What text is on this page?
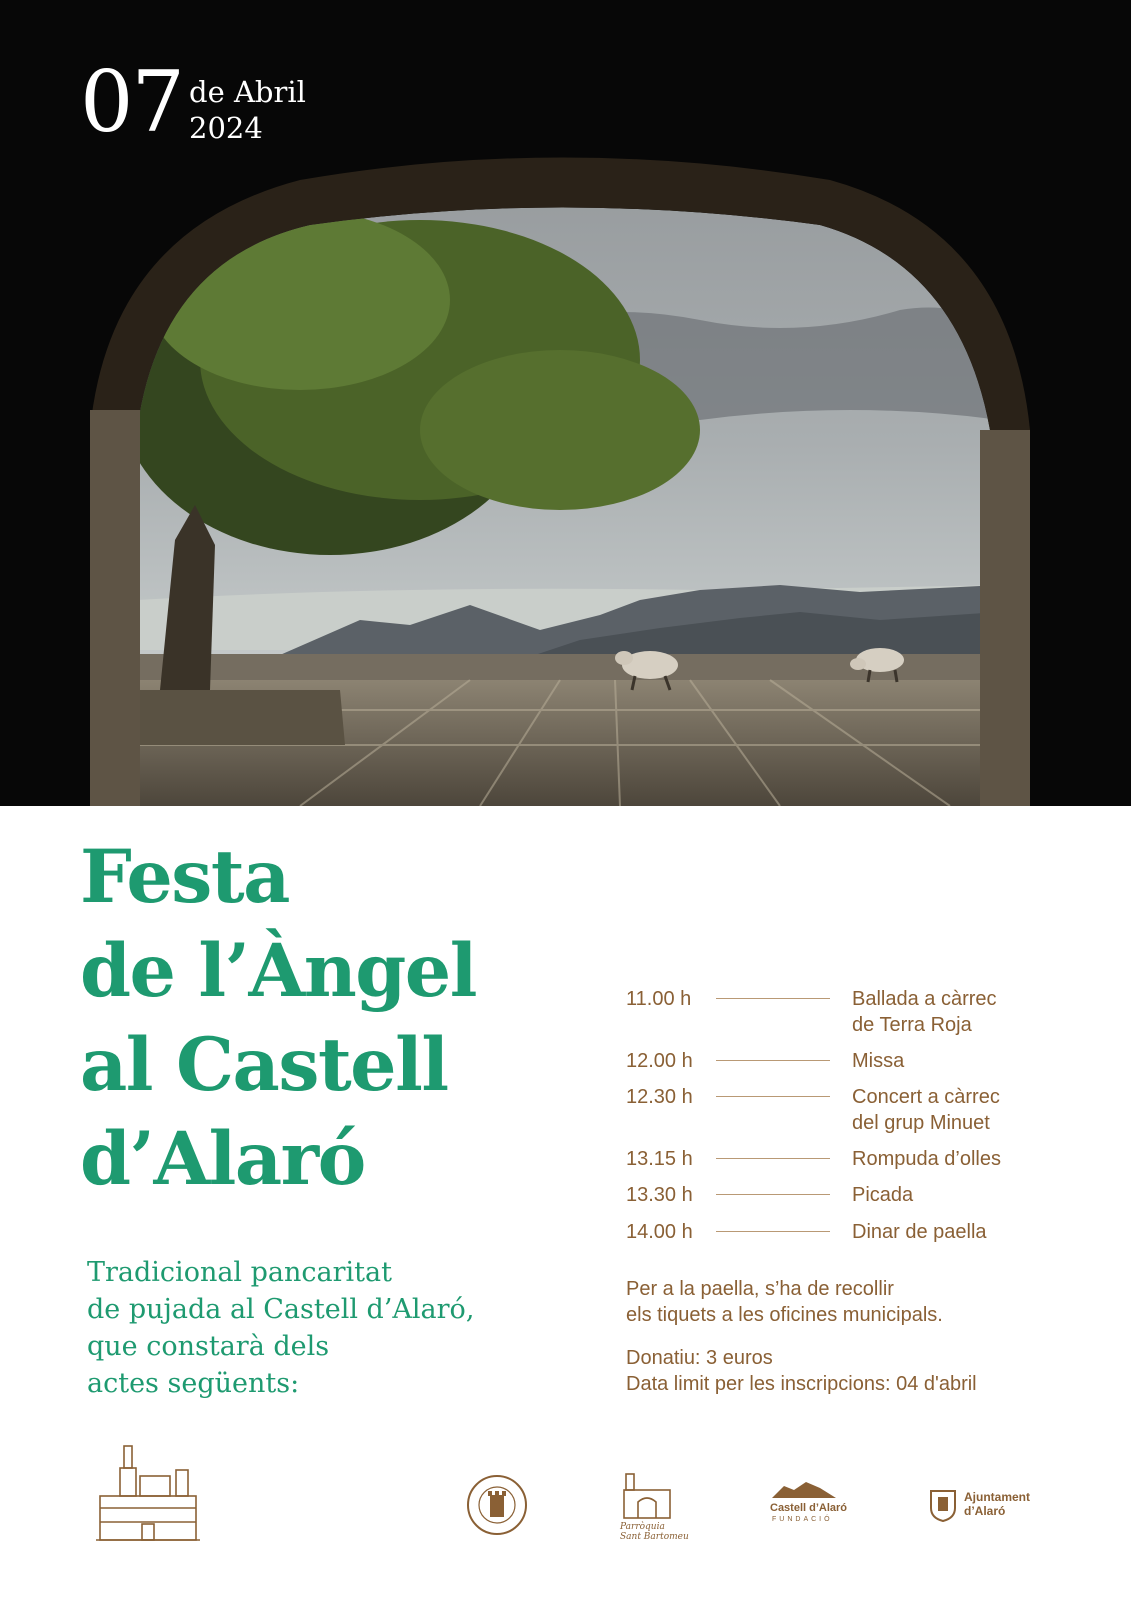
07 de Abril
2024
Festa
de l’Àngel
al Castell
d’Alaró
Tradicional pancaritat
de pujada al Castell d’Alaró,
que constarà dels
actes següents:
11.00 h	Ballada a càrrec
de Terra Roja
12.00 h	Missa
12.30 h	Concert a càrrec
del grup Minuet
13.15 h	Rompuda d’olles
13.30 h	Picada
14.00 h	Dinar de paella
Per a la paella, s’ha de recollir
els tiquets a les oficines municipals.
Donatiu: 3 euros
Data limit per les inscripcions: 04 d'abril
Parròquia
Sant Bartomeu
Castell d’Alaró
FUNDACIÓ
Ajuntament
d’Alaró
